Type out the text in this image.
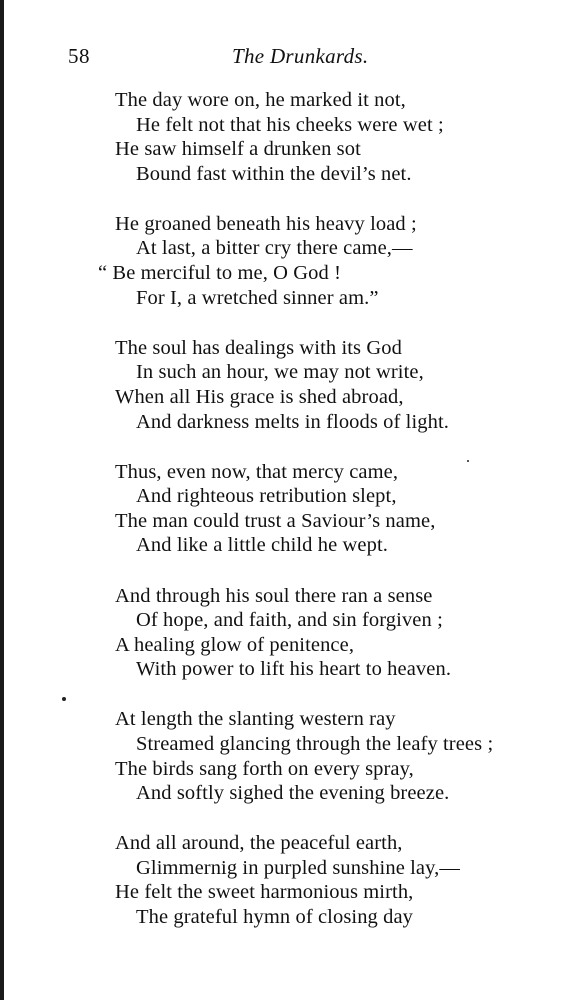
58	The Drunkards.
The day wore on, he marked it not,
He felt not that his cheeks were wet ;
He saw himself a drunken sot
Bound fast within the devil’s net.
He groaned beneath his heavy load ;
At last, a bitter cry there came,—
“ Be merciful to me, O God !
For I, a wretched sinner am.”
The soul has dealings with its God
In such an hour, we may not write,
When all His grace is shed abroad,
And darkness melts in floods of light.
Thus, even now, that mercy came,
And righteous retribution slept,
The man could trust a Saviour’s name,
And like a little child he wept.
And through his soul there ran a sense
Of hope, and faith, and sin forgiven ;
A healing glow of penitence,
With power to lift his heart to heaven.
At length the slanting western ray
Streamed glancing through the leafy trees ;
The birds sang forth on every spray,
And softly sighed the evening breeze.
And all around, the peaceful earth,
Glimmernig in purpled sunshine lay,—
He felt the sweet harmonious mirth,
The grateful hymn of closing day
